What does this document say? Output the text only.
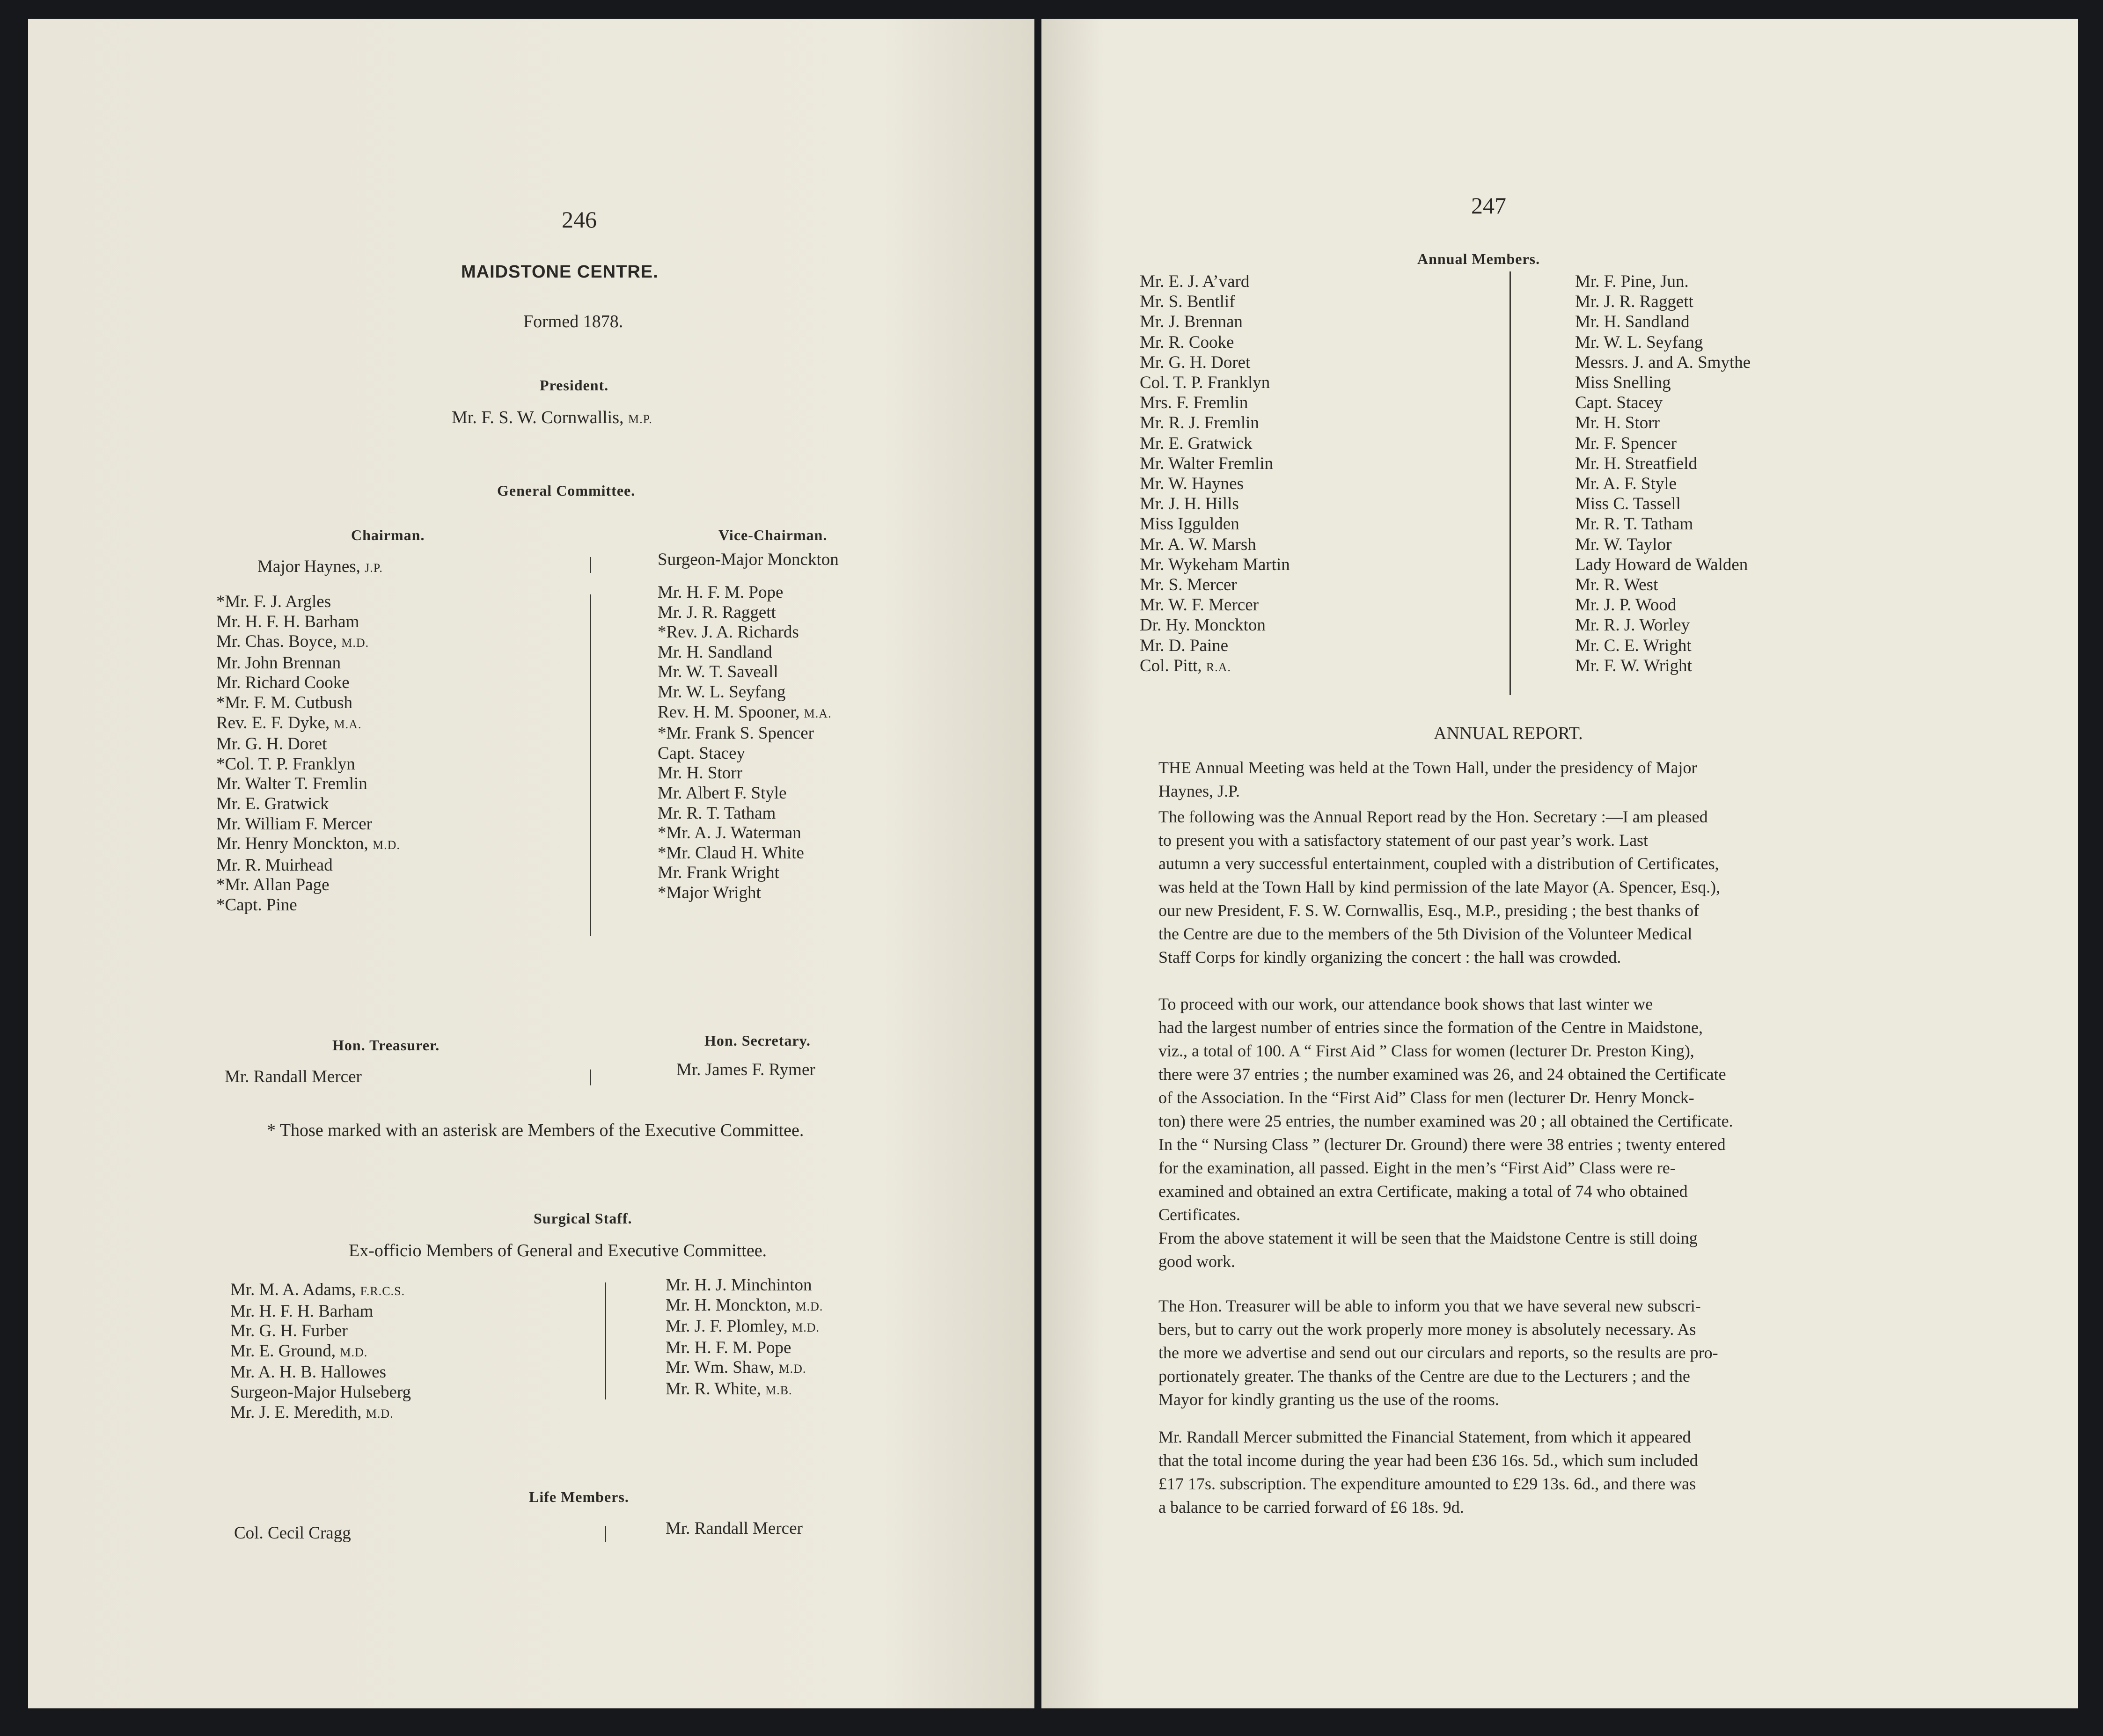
246
MAIDSTONE CENTRE.
Formed 1878.
President.
Mr. F. S. W. Cornwallis, M.P.
General Committee.
Chairman.	Vice-Chairman.
Major Haynes, J.P.	Surgeon-Major Monckton
*Mr. F. J. Argles
Mr. H. F. H. Barham
Mr. Chas. Boyce, M.D.
Mr. John Brennan
Mr. Richard Cooke
*Mr. F. M. Cutbush
Rev. E. F. Dyke, M.A.
Mr. G. H. Doret
*Col. T. P. Franklyn
Mr. Walter T. Fremlin
Mr. E. Gratwick
Mr. William F. Mercer
Mr. Henry Monckton, M.D.
Mr. R. Muirhead
*Mr. Allan Page
*Capt. Pine
Mr. H. F. M. Pope
Mr. J. R. Raggett
*Rev. J. A. Richards
Mr. H. Sandland
Mr. W. T. Saveall
Mr. W. L. Seyfang
Rev. H. M. Spooner, M.A.
*Mr. Frank S. Spencer
Capt. Stacey
Mr. H. Storr
Mr. Albert F. Style
Mr. R. T. Tatham
*Mr. A. J. Waterman
*Mr. Claud H. White
Mr. Frank Wright
*Major Wright
Hon. Treasurer.	Hon. Secretary.
Mr. Randall Mercer	Mr. James F. Rymer
* Those marked with an asterisk are Members of the Executive Committee.
Surgical Staff.
Ex-officio Members of General and Executive Committee.
Mr. M. A. Adams, F.R.C.S.
Mr. H. F. H. Barham
Mr. G. H. Furber
Mr. E. Ground, M.D.
Mr. A. H. B. Hallowes
Surgeon-Major Hulseberg
Mr. J. E. Meredith, M.D.
Mr. H. J. Minchinton
Mr. H. Monckton, M.D.
Mr. J. F. Plomley, M.D.
Mr. H. F. M. Pope
Mr. Wm. Shaw, M.D.
Mr. R. White, M.B.
Life Members.
Col. Cecil Cragg	Mr. Randall Mercer
247
Annual Members.
Mr. E. J. A’vard
Mr. S. Bentlif
Mr. J. Brennan
Mr. R. Cooke
Mr. G. H. Doret
Col. T. P. Franklyn
Mrs. F. Fremlin
Mr. R. J. Fremlin
Mr. E. Gratwick
Mr. Walter Fremlin
Mr. W. Haynes
Mr. J. H. Hills
Miss Iggulden
Mr. A. W. Marsh
Mr. Wykeham Martin
Mr. S. Mercer
Mr. W. F. Mercer
Dr. Hy. Monckton
Mr. D. Paine
Col. Pitt, R.A.
Mr. F. Pine, Jun.
Mr. J. R. Raggett
Mr. H. Sandland
Mr. W. L. Seyfang
Messrs. J. and A. Smythe
Miss Snelling
Capt. Stacey
Mr. H. Storr
Mr. F. Spencer
Mr. H. Streatfield
Mr. A. F. Style
Miss C. Tassell
Mr. R. T. Tatham
Mr. W. Taylor
Lady Howard de Walden
Mr. R. West
Mr. J. P. Wood
Mr. R. J. Worley
Mr. C. E. Wright
Mr. F. W. Wright
ANNUAL REPORT.

THE Annual Meeting was held at the Town Hall, under the presidency of Major
Haynes, J.P.

The following was the Annual Report read by the Hon. Secretary :—I am pleased
to present you with a satisfactory statement of our past year’s work. Last
autumn a very successful entertainment, coupled with a distribution of Certificates,
was held at the Town Hall by kind permission of the late Mayor (A. Spencer, Esq.),
our new President, F. S. W. Cornwallis, Esq., M.P., presiding ; the best thanks of
the Centre are due to the members of the 5th Division of the Volunteer Medical
Staff Corps for kindly organizing the concert : the hall was crowded.

To proceed with our work, our attendance book shows that last winter we
had the largest number of entries since the formation of the Centre in Maidstone,
viz., a total of 100. A “ First Aid ” Class for women (lecturer Dr. Preston King),
there were 37 entries ; the number examined was 26, and 24 obtained the Certificate
of the Association. In the “First Aid” Class for men (lecturer Dr. Henry Monck-
ton) there were 25 entries, the number examined was 20 ; all obtained the Certificate.
In the “ Nursing Class ” (lecturer Dr. Ground) there were 38 entries ; twenty entered
for the examination, all passed. Eight in the men’s “First Aid” Class were re-
examined and obtained an extra Certificate, making a total of 74 who obtained
Certificates.

From the above statement it will be seen that the Maidstone Centre is still doing
good work.

The Hon. Treasurer will be able to inform you that we have several new subscri-
bers, but to carry out the work properly more money is absolutely necessary. As
the more we advertise and send out our circulars and reports, so the results are pro-
portionately greater. The thanks of the Centre are due to the Lecturers ; and the
Mayor for kindly granting us the use of the rooms.

Mr. Randall Mercer submitted the Financial Statement, from which it appeared
that the total income during the year had been £36 16s. 5d., which sum included
£17 17s. subscription. The expenditure amounted to £29 13s. 6d., and there was
a balance to be carried forward of £6 18s. 9d.
